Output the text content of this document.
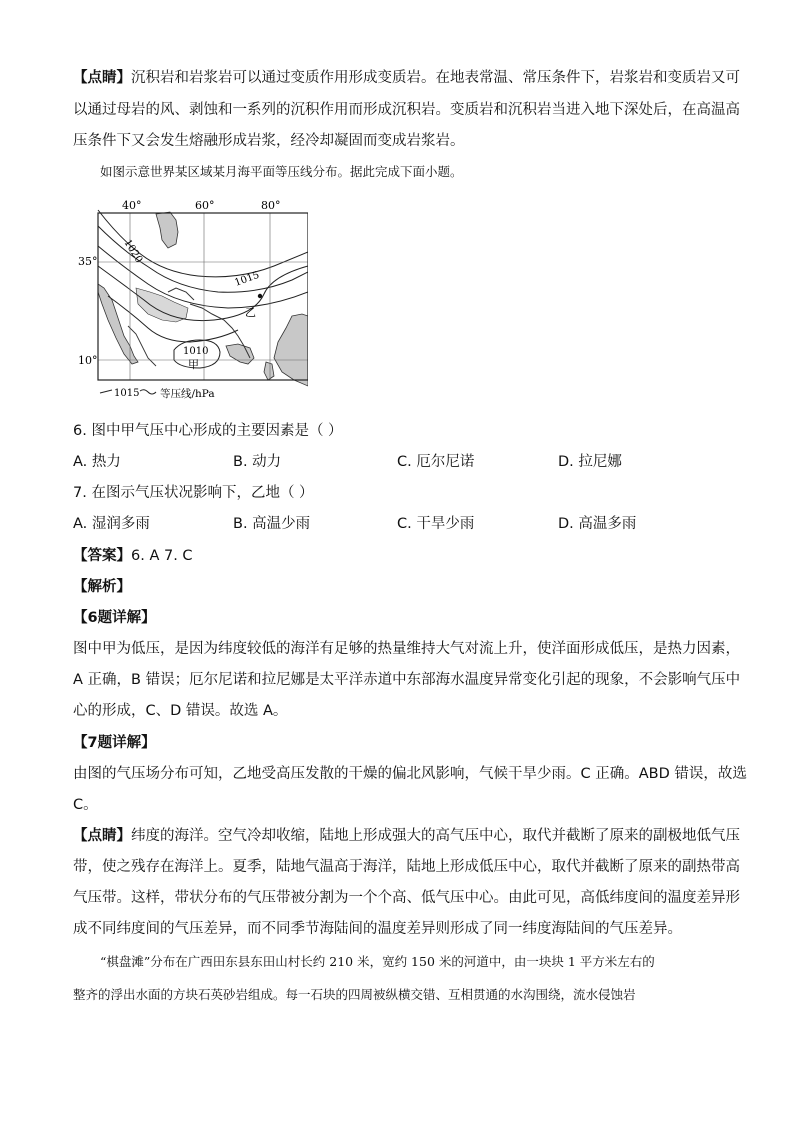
【点睛】沉积岩和岩浆岩可以通过变质作用形成变质岩。在地表常温、常压条件下，岩浆岩和变质岩又可
以通过母岩的风、剥蚀和一系列的沉积作用而形成沉积岩。变质岩和沉积岩当进入地下深处后，在高温高
压条件下又会发生熔融形成岩浆，经冷却凝固而变成岩浆岩。
如图示意世界某区域某月海平面等压线分布。据此完成下面小题。
40°	60°	80°
35°
10°
1020
1015
1010
甲
乙
1015 等压线/hPa
6. 图中甲气压中心形成的主要因素是（ ）
A. 热力	B. 动力	C. 厄尔尼诺	D. 拉尼娜
7. 在图示气压状况影响下，乙地（ ）
A. 湿润多雨	B. 高温少雨	C. 干旱少雨	D. 高温多雨
【答案】6. A 7. C
【解析】
【6题详解】
图中甲为低压，是因为纬度较低的海洋有足够的热量维持大气对流上升，使洋面形成低压，是热力因素，
A 正确，B 错误；厄尔尼诺和拉尼娜是太平洋赤道中东部海水温度异常变化引起的现象，不会影响气压中
心的形成，C、D 错误。故选 A。
【7题详解】
由图的气压场分布可知，乙地受高压发散的干燥的偏北风影响，气候干旱少雨。C 正确。ABD 错误，故选
C。
【点睛】纬度的海洋。空气冷却收缩，陆地上形成强大的高气压中心，取代并截断了原来的副极地低气压
带，使之残存在海洋上。夏季，陆地气温高于海洋，陆地上形成低压中心，取代并截断了原来的副热带高
气压带。这样，带状分布的气压带被分割为一个个高、低气压中心。由此可见，高低纬度间的温度差异形
成不同纬度间的气压差异，而不同季节海陆间的温度差异则形成了同一纬度海陆间的气压差异。
“棋盘滩”分布在广西田东县东田山村长约 210 米，宽约 150 米的河道中，由一块块 1 平方米左右的
整齐的浮出水面的方块石英砂岩组成。每一石块的四周被纵横交错、互相贯通的水沟围绕，流水侵蚀岩
